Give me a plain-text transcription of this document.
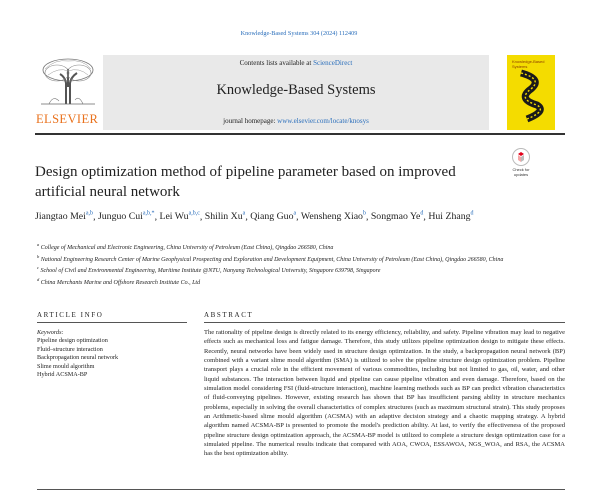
Knowledge-Based Systems 304 (2024) 112409
ELSEVIER
Contents lists available at ScienceDirect
Knowledge-Based Systems
journal homepage: www.elsevier.com/locate/knosys
Knowledge-Based Systems
Check for
updates
Design optimization method of pipeline parameter based on improved artificial neural network
Jiangtao Mei$^{a,b}$, Junguo Cui$^{a,b,*}$, Lei Wu$^{a,b,c}$, Shilin Xu$^a$, Qiang Guo$^a$, Wensheng Xiao$^b$, Songmao Ye$^d$, Hui Zhang$^d$
$^a$ College of Mechanical and Electronic Engineering, China University of Petroleum (East China), Qingdao 266580, China
$^b$ National Engineering Research Center of Marine Geophysical Prospecting and Exploration and Development Equipment, China University of Petroleum (East China), Qingdao 266580, China
$^c$ School of Civil and Environmental Engineering, Maritime Institute @NTU, Nanyang Technological University, Singapore 639798, Singapore
$^d$ China Merchants Marine and Offshore Research Institute Co., Ltd
ARTICLE INFO
Keywords:
Pipeline design optimization
Fluid–structure interaction
Backpropagation neural network
Slime mould algorithm
Hybrid ACSMA-BP
ABSTRACT
The rationality of pipeline design is directly related to its energy efficiency, reliability, and safety. Pipeline vibration may lead to negative effects such as mechanical loss and fatigue damage. Therefore, this study utilizes pipeline optimization design to mitigate these effects. Recently, neural networks have been widely used in structure design optimization. In the study, a backpropagation neural network (BP) combined with a variant slime mould algorithm (SMA) is utilized to solve the pipeline structure design optimization problem. Pipeline transport plays a crucial role in the efficient movement of various commodities, including but not limited to gas, oil, water, and other liquid substances. The interaction between liquid and pipeline can cause pipeline vibration and even damage. Therefore, based on the simulation model considering FSI (fluid-structure interaction), machine learning methods such as BP can predict vibration characteristics of fluid-conveying pipelines. However, existing research has shown that BP has insufficient parsing ability in structure mechanics problems, especially in solving the overall characteristics of complex structures (such as maximum structural strain). This study proposes an Arithmetic-based slime mould algorithm (ACSMA) with an adaptive decision strategy and a chaotic mapping strategy. A hybrid algorithm named ACSMA-BP is presented to promote the model's prediction ability. At last, to verify the effectiveness of the proposed pipeline structure design optimization approach, the ACSMA-BP model is utilized to complete a structure design optimization case for a simulated pipeline. The numerical results indicate that compared with AOA, CWOA, ESSAWOA, NGS_WOA, and RSA, the ACSMA has the best optimization ability.
